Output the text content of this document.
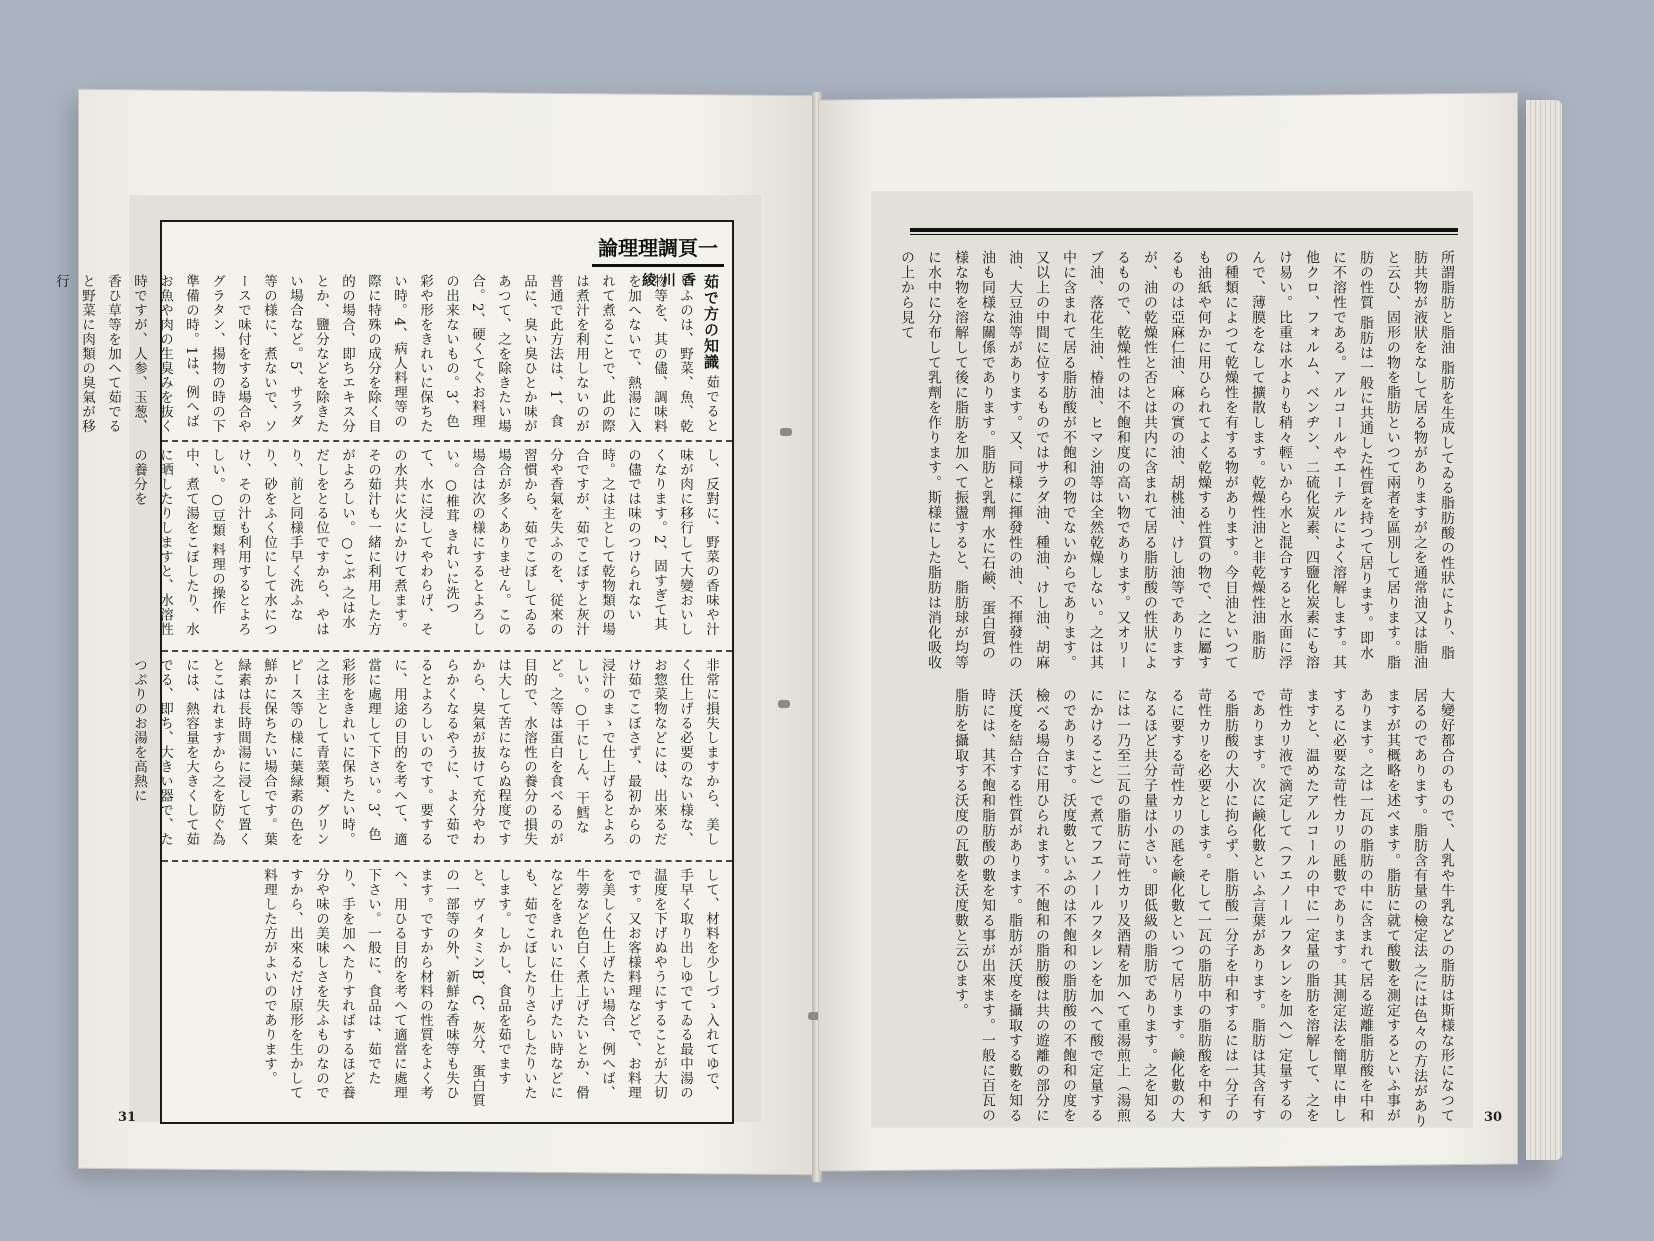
論理理調頁一
綾川香 茹で方の知識 茹でるといふのは、野菜、魚、乾物等を、其の儘、調味料を加へないで、熱湯に入れて煮ることで、此の際は煮汁を利用しないのが普通で此方法は、1、食品に、臭い臭ひとか味があつて、之を除きたい場合。2、硬くてぐお料理の出来ないもの。3、色彩や形をきれいに保ちたい時。4、病人料理等の際に特殊の成分を除く目的の場合、即ちエキス分とか、鹽分などを除きたい場合など。5、サラダ等の様に、煮ないで、ソースで味付をする場合やグラタン、揚物の時の下準備の時。1は、例へばお魚や肉の生臭みを抜く時ですが、人参、玉葱、香ひ草等を加へて茹でると野菜に肉類の臭氣が移行
し、反對に、野菜の香味や汁味が肉に移行して大變おいしくなります。2、固すぎて其の儘では味のつけられない時。之は主として乾物類の場合ですが、茹でこぼすと灰汁分や香氣を失ふのを、従來の習慣から、茹でこぼしてゐる場合が多くありません。この場合は次の様にするとよろしい。○椎茸 きれいに洗つて、水に浸してやわらげ、その水共に火にかけて煮ます。その茹汁も一緒に利用した方がよろしい。○こぶ 之は水だしをとる位ですから、やはり、前と同様手早く洗ふなり、砂をふく位にして水につけ、その汁も利用するとよろしい。○豆類 料理の操作中、煮て湯をこぼしたり、水に晒したりしますと、水溶性の養分を
非常に損失しますから、美しく仕上げる必要のない様な、お惣菜物などには、出來るだけ茹でこぼさず、最初からの浸汁のまゝで仕上げるとよろしい。○干にしん、干鱈など。之等は蛋白を食べるのが目的で、水溶性の養分の損失は大して苦にならぬ程度ですから、臭氣が抜けて充分やわらかくなるやうに、よく茹でるとよろしいのです。要するに、用途の目的を考へて、適當に處理して下さい。3、色彩形をきれいに保ちたい時。之は主として青菜類、グリンピース等の様に葉緑素の色を鮮かに保ちたい場合です。葉緑素は長時間湯に浸して置くとこはれますから之を防ぐ為には、熱容量を大きくして茹でる、即ち、大きい器で、たつぷりのお湯を高熱に
して、材料を少しづゝ入れてゆで、手早く取り出しゆでてゐる最中湯の温度を下げぬやうにすることが大切です。又お客様料理などで、お料理を美しく仕上げたい場合、例へば、牛蒡など色白く煮上げたいとか、傦などをきれいに仕上げたい時などにも、茹でこぼしたりさらしたりいたします。しかし、食品を茹でますと、ヴィタミンB、C、灰分、蛋白質の一部等の外、新鮮な香味等も失ひます。ですから材料の性質をよく考へ、用ひる目的を考へて適當に處理下さい。一般に、食品は、茹でたり、手を加へたりすればするほど養分や味の美味しさを失ふものなのですから、出來るだけ原形を生かして料理した方がよいのであります。
31
所謂脂肪と脂油 脂肪を生成してゐる脂肪酸の性狀により、脂肪共物が液狀をなして居る物がありますが之を通常油又は脂油と云ひ、固形の物を脂肪といつて兩者を區別して居ります。脂肪の性質 脂肪は一般に共通した性質を持つて居ります。即水に不溶性である。アルコールやエーテルによく溶解します。其他クロ、フォルム、ベンヂン、二硫化炭素、四鹽化炭素にも溶け易い。比重は水よりも稍々輕いから水と混合すると水面に浮んで、薄膜をなして擴散します。乾燥性油と非乾燥性油 脂肪の種類によつて乾燥性を有する物があります。今日油といつても油紙や何かに用ひられてよく乾燥する性質の物で、之に屬するものは亞麻仁油、麻の實の油、胡桃油、けし油等でありますが、油の乾燥性と否とは共内に含まれて居る脂肪酸の性狀によるもので、乾燥性のは不飽和度の高い物であります。又オリーブ油、落花生油、椿油、ヒマシ油等は全然乾燥しない。之は其中に含まれて居る脂肪酸が不飽和の物でないからであります。又以上の中間に位するものではサラダ油、種油、けし油、胡麻油、大豆油等があります。又、同様に揮發性の油、不揮發性の油も同様な關係であります。脂肪と乳劑 水に石鹸、蛋白質の様な物を溶解して後に脂肪を加へて振盪すると、脂肪球が均等に水中に分布して乳劑を作ります。斯様にした脂肪は消化吸收の上から見て
大變好都合のもので、人乳や牛乳などの脂肪は斯様な形になつて居るのであります。脂肪含有量の檢定法 之には色々の方法がありますが其概略を述べます。脂肪に就て酸數を測定するといふ事があります。之は一瓦の脂肪の中に含まれて居る遊離脂肪酸を中和するに必要な苛性カリの瓱數であります。其測定法を簡單に申しますと、温めたアルコールの中に一定量の脂肪を溶解して、之を苛性カリ液で滴定して（フエノールフタレンを加へ）定量するのであります。次に鹸化數といふ言葉があります。脂肪は其含有する脂肪酸の大小に拘らず、脂肪酸一分子を中和するには一分子の苛性カリを必要とします。そして一瓦の脂肪中の脂肪酸を中和するに要する苛性カリの瓱を鹸化數といつて居ります。鹸化數の大なるほど共分子量は小さい。即低級の脂肪であります。之を知るには一乃至二瓦の脂肪に苛性カリ及酒精を加へて重湯煎上（湯煎にかけること）で煮てフエノールフタレンを加へて酸で定量するのであります。沃度數といふのは不飽和の脂肪酸の不飽和の度を檢べる場合に用ひられます。不飽和の脂肪酸は共の遊離の部分に沃度を結合する性質があります。脂肪が沃度を攝取する數を知る時には、其不飽和脂肪酸の數を知る事が出來ます。一般に百瓦の脂肪を攝取する沃度の瓦數を沃度數と云ひます。
30
